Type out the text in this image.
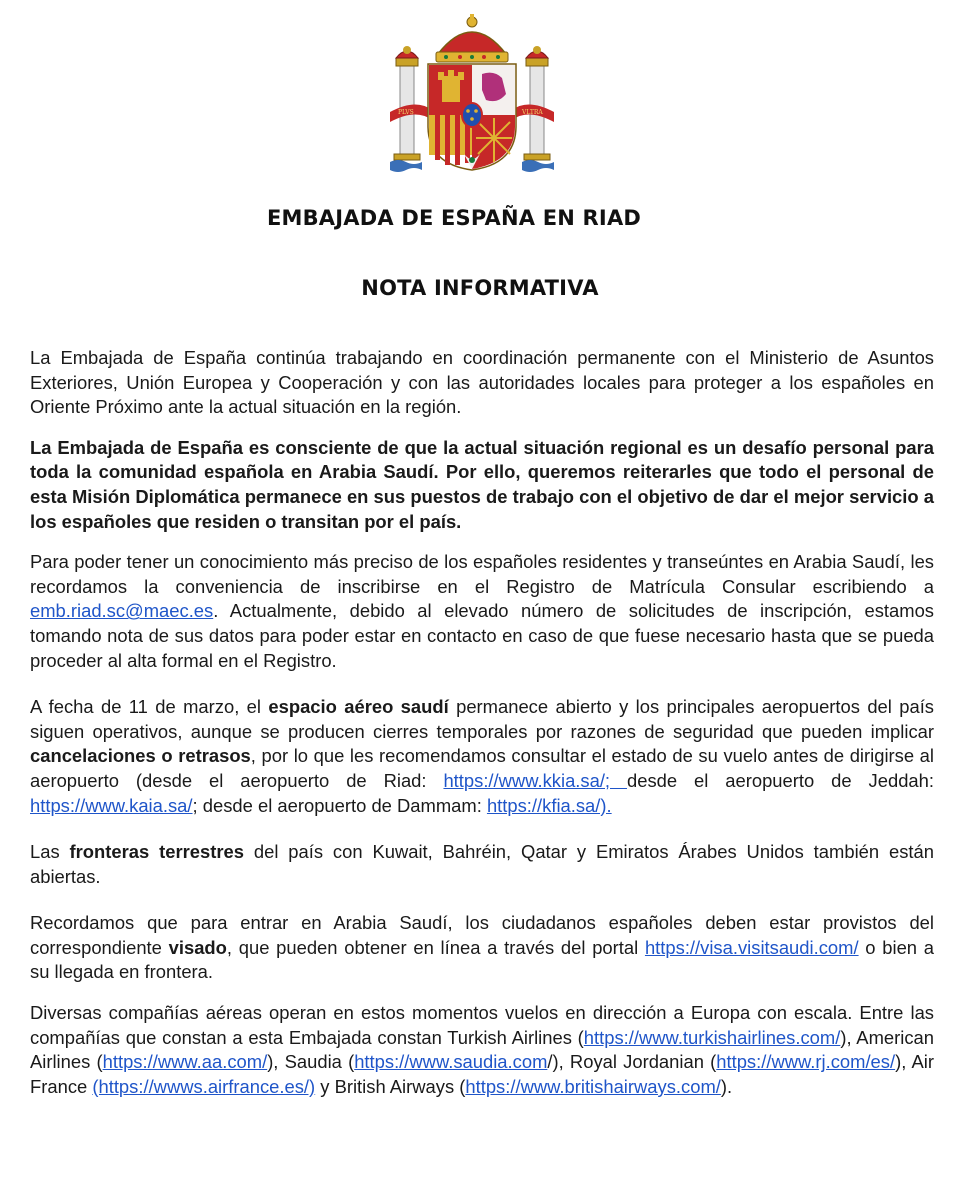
PLVS	VLTRA
EMBAJADA DE ESPAÑA EN RIAD
NOTA INFORMATIVA

La Embajada de España continúa trabajando en coordinación permanente con el Ministerio de Asuntos Exteriores, Unión Europea y Cooperación y con las autoridades locales para proteger a los españoles en Oriente Próximo ante la actual situación en la región.

La Embajada de España es consciente de que la actual situación regional es un desafío personal para toda la comunidad española en Arabia Saudí. Por ello, queremos reiterarles que todo el personal de esta Misión Diplomática permanece en sus puestos de trabajo con el objetivo de dar el mejor servicio a los españoles que residen o transitan por el país.

Para poder tener un conocimiento más preciso de los españoles residentes y transeúntes en Arabia Saudí, les recordamos la conveniencia de inscribirse en el Registro de Matrícula Consular escribiendo a emb.riad.sc@maec.es. Actualmente, debido al elevado número de solicitudes de inscripción, estamos tomando nota de sus datos para poder estar en contacto en caso de que fuese necesario hasta que se pueda proceder al alta formal en el Registro.

A fecha de 11 de marzo, el espacio aéreo saudí permanece abierto y los principales aeropuertos del país siguen operativos, aunque se producen cierres temporales por razones de seguridad que pueden implicar cancelaciones o retrasos, por lo que les recomendamos consultar el estado de su vuelo antes de dirigirse al aeropuerto (desde el aeropuerto de Riad: https://www.kkia.sa/; desde el aeropuerto de Jeddah: https://www.kaia.sa/; desde el aeropuerto de Dammam: https://kfia.sa/).

Las fronteras terrestres del país con Kuwait, Bahréin, Qatar y Emiratos Árabes Unidos también están abiertas.

Recordamos que para entrar en Arabia Saudí, los ciudadanos españoles deben estar provistos del correspondiente visado, que pueden obtener en línea a través del portal https://visa.visitsaudi.com/ o bien a su llegada en frontera.

Diversas compañías aéreas operan en estos momentos vuelos en dirección a Europa con escala. Entre las compañías que constan a esta Embajada constan Turkish Airlines (https://www.turkishairlines.com/), American Airlines (https://www.aa.com/), Saudia (https://www.saudia.com/), Royal Jordanian (https://www.rj.com/es/), Air France (https://wwws.airfrance.es/) y British Airways (https://www.britishairways.com/).
